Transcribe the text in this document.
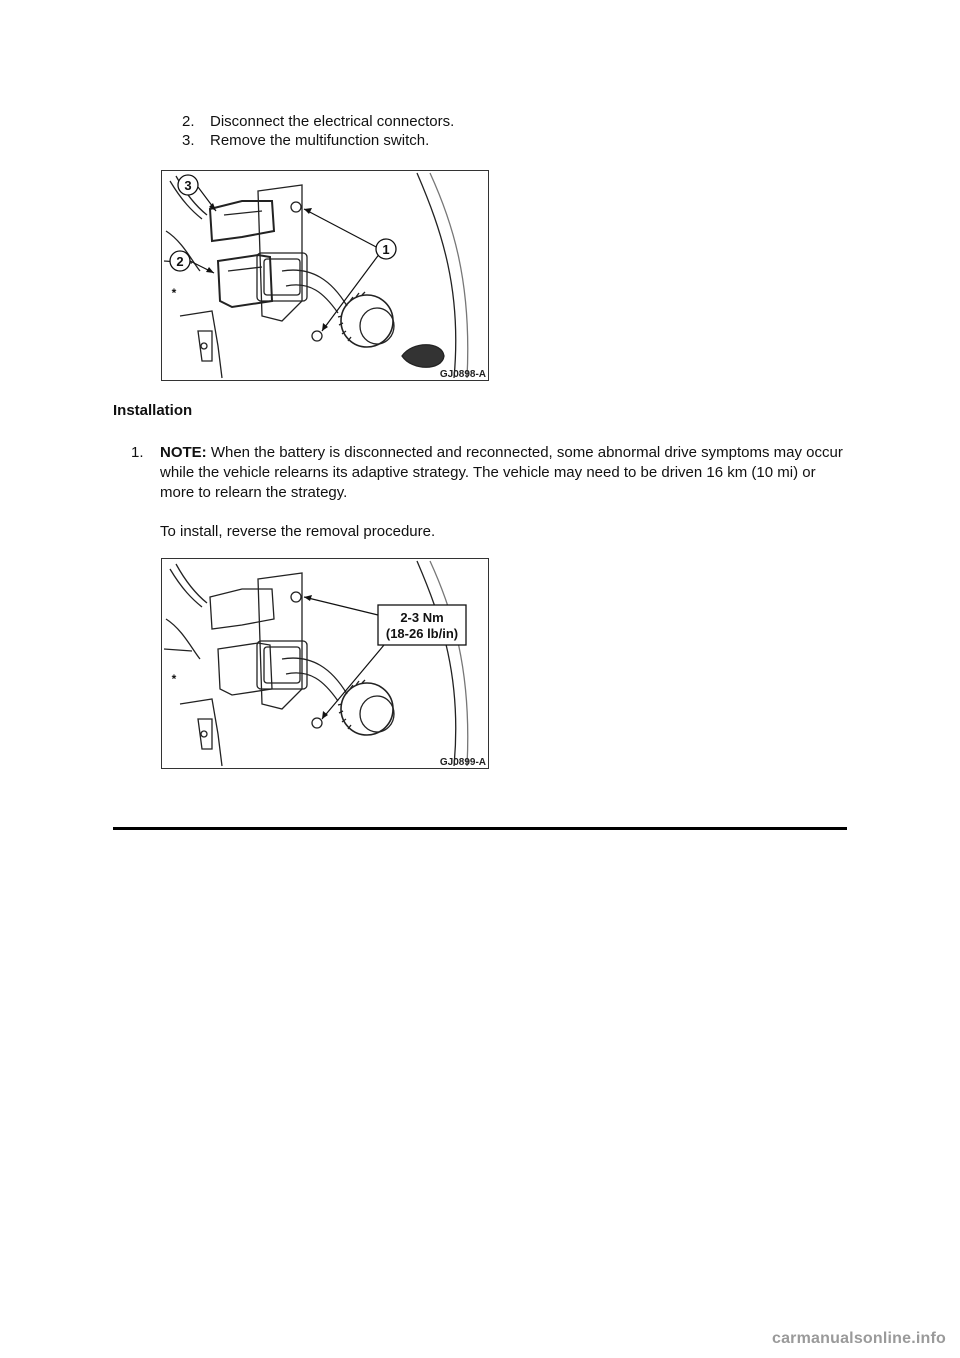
2. Disconnect the electrical connectors.
3. Remove the multifunction switch.
3
2
1
*
GJ0898-A
Installation
1. NOTE: When the battery is disconnected and reconnected, some abnormal drive symptoms may occur while the vehicle relearns its adaptive strategy. The vehicle may need to be driven 16 km (10 mi) or more to relearn the strategy.
To install, reverse the removal procedure.
2-3 Nm
(18-26 lb/in)
*
GJ0899-A
carmanualsonline.info
